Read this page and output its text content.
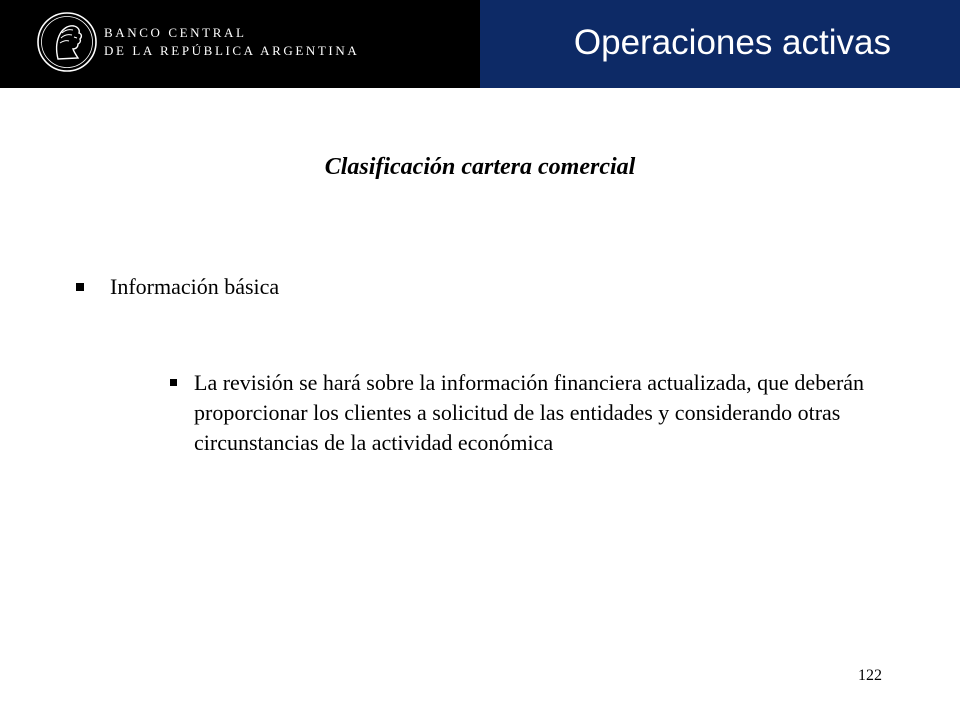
BANCO CENTRAL
DE LA REPÚBLICA ARGENTINA	Operaciones activas
Clasificación cartera comercial
Información básica
La revisión se hará sobre la información financiera actualizada, que deberán proporcionar los clientes a solicitud de las entidades y considerando otras circunstancias de la actividad económica
122
